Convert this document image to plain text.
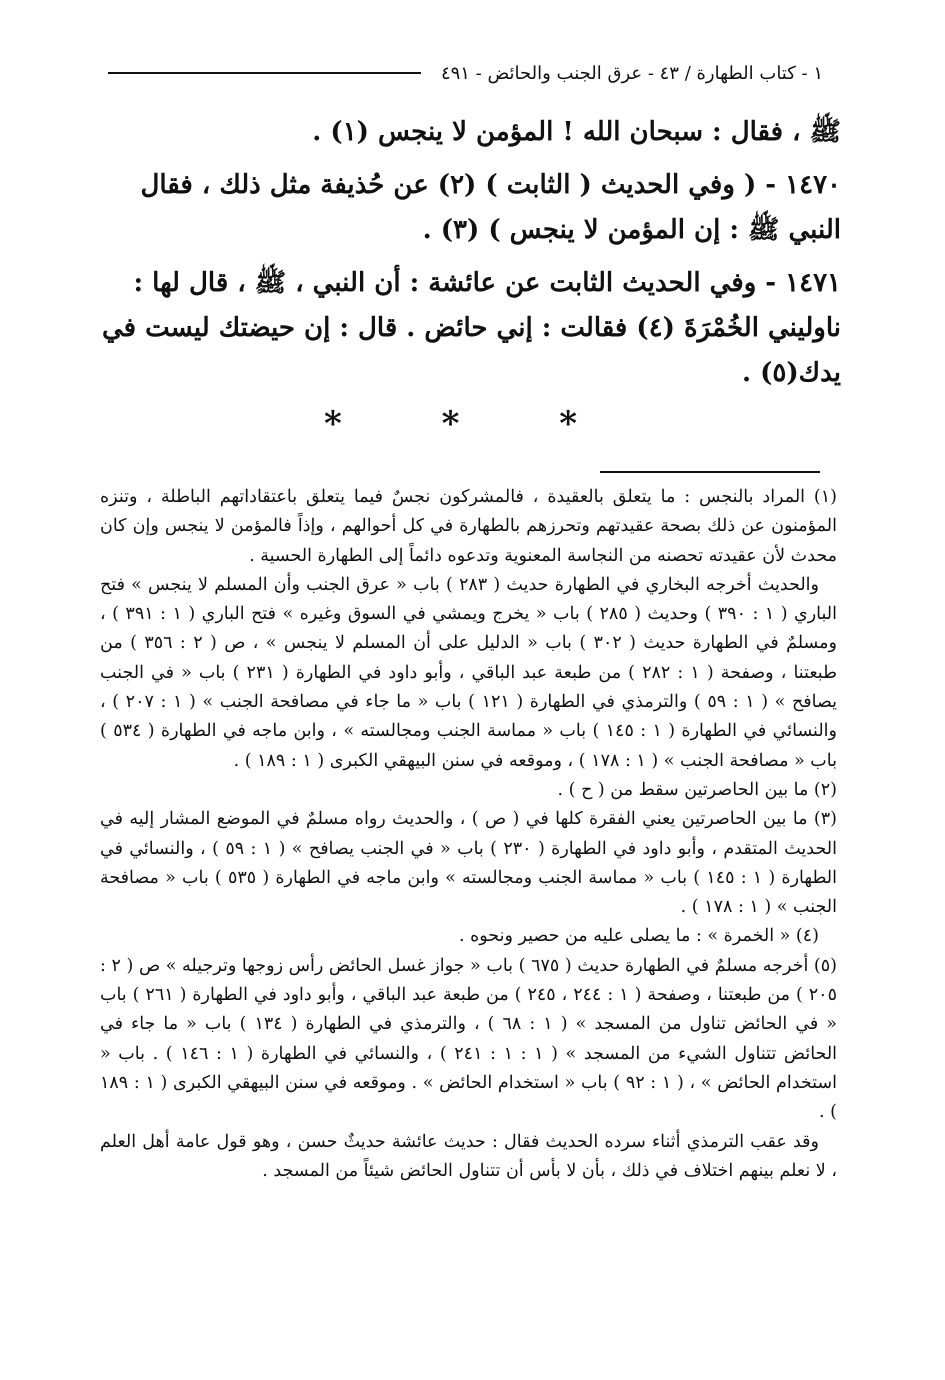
١ - كتاب الطهارة / ٤٣ - عرق الجنب والحائض - ٤٩١

ﷺ ، فقال : سبحان الله ! المؤمن لا ينجس (١) .

١٤٧٠ - ( وفي الحديث ( الثابت ) (٢) عن حُذيفة مثل ذلك ، فقال النبي ﷺ : إن المؤمن لا ينجس ) (٣) .

١٤٧١ - وفي الحديث الثابت عن عائشة : أن النبي ، ﷺ ، قال لها : ناوليني الخُمْرَةَ (٤) فقالت : إني حائض . قال : إن حيضتك ليست في يدك(٥) .

* * *

(١) المراد بالنجس : ما يتعلق بالعقيدة ، فالمشركون نجسٌ فيما يتعلق باعتقاداتهم الباطلة ، وتنزه المؤمنون عن ذلك بصحة عقيدتهم وتحرزهم بالطهارة في كل أحوالهم ، وإذاً فالمؤمن لا ينجس وإن كان محدث لأن عقيدته تحصنه من النجاسة المعنوية وتدعوه دائماً إلى الطهارة الحسية .

والحديث أخرجه البخاري في الطهارة حديث ( ٢٨٣ ) باب « عرق الجنب وأن المسلم لا ينجس » فتح الباري ( ١ : ٣٩٠ ) وحديث ( ٢٨٥ ) باب « يخرج ويمشي في السوق وغيره » فتح الباري ( ١ : ٣٩١ ) ، ومسلمٌ في الطهارة حديث ( ٣٠٢ ) باب « الدليل على أن المسلم لا ينجس » ، ص ( ٢ : ٣٥٦ ) من طبعتنا ، وصفحة ( ١ : ٢٨٢ ) من طبعة عبد الباقي ، وأبو داود في الطهارة ( ٢٣١ ) باب « في الجنب يصافح » ( ١ : ٥٩ ) والترمذي في الطهارة ( ١٢١ ) باب « ما جاء في مصافحة الجنب » ( ١ : ٢٠٧ ) ، والنسائي في الطهارة ( ١ : ١٤٥ ) باب « مماسة الجنب ومجالسته » ، وابن ماجه في الطهارة ( ٥٣٤ ) باب « مصافحة الجنب » ( ١ : ١٧٨ ) ، وموقعه في سنن البيهقي الكبرى ( ١ : ١٨٩ ) .

(٢) ما بين الحاصرتين سقط من ( ح ) .

(٣) ما بين الحاصرتين يعني الفقرة كلها في ( ص ) ، والحديث رواه مسلمٌ في الموضع المشار إليه في الحديث المتقدم ، وأبو داود في الطهارة ( ٢٣٠ ) باب « في الجنب يصافح » ( ١ : ٥٩ ) ، والنسائي في الطهارة ( ١ : ١٤٥ ) باب « مماسة الجنب ومجالسته » وابن ماجه في الطهارة ( ٥٣٥ ) باب « مصافحة الجنب » ( ١ : ١٧٨ ) .

(٤) « الخمرة » : ما يصلى عليه من حصير ونحوه .

(٥) أخرجه مسلمٌ في الطهارة حديث ( ٦٧٥ ) باب « جواز غسل الحائض رأس زوجها وترجيله » ص ( ٢ : ٢٠٥ ) من طبعتنا ، وصفحة ( ١ : ٢٤٤ ، ٢٤٥ ) من طبعة عبد الباقي ، وأبو داود في الطهارة ( ٢٦١ ) باب « في الحائض تناول من المسجد » ( ١ : ٦٨ ) ، والترمذي في الطهارة ( ١٣٤ ) باب « ما جاء في الحائض تتناول الشيء من المسجد » ( ١ : ١ : ٢٤١ ) ، والنسائي في الطهارة ( ١ : ١٤٦ ) . باب « استخدام الحائض » ، ( ١ : ٩٢ ) باب « استخدام الحائض » . وموقعه في سنن البيهقي الكبرى ( ١ : ١٨٩ ) .

وقد عقب الترمذي أثناء سرده الحديث فقال : حديث عائشة حديثٌ حسن ، وهو قول عامة أهل العلم ، لا نعلم بينهم اختلاف في ذلك ، بأن لا بأس أن تتناول الحائض شيئاً من المسجد .
